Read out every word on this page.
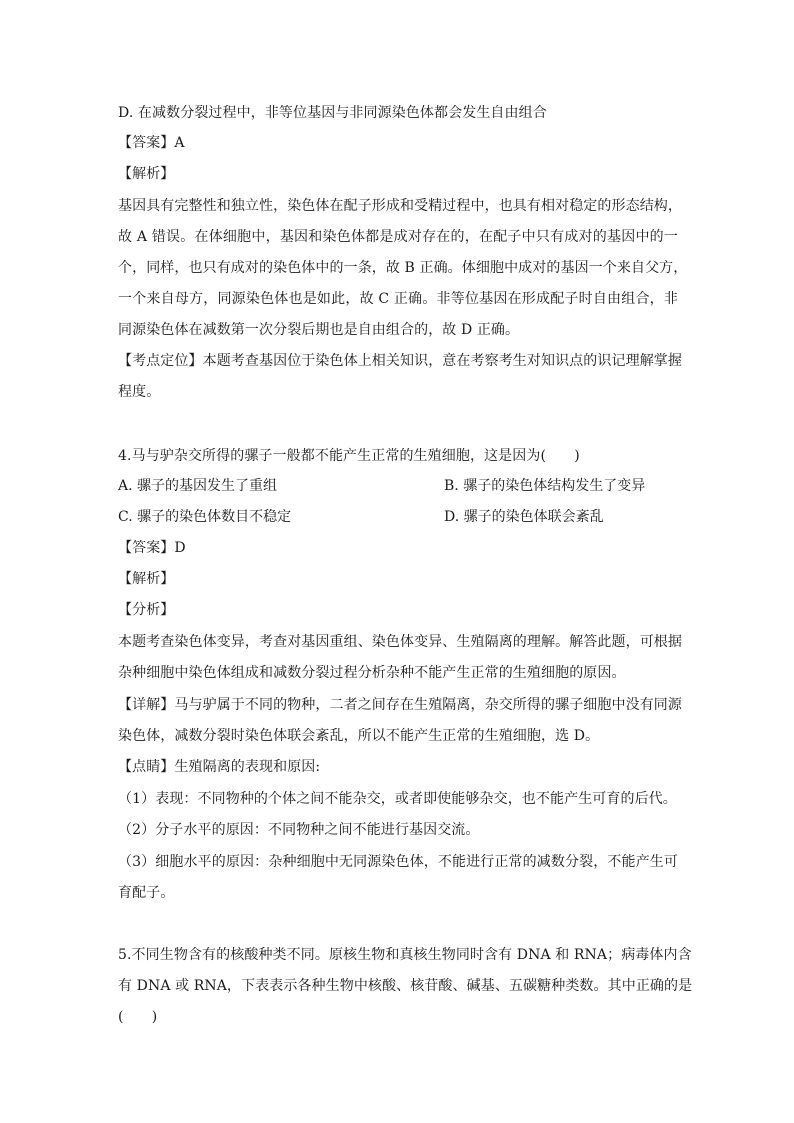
D. 在减数分裂过程中，非等位基因与非同源染色体都会发生自由组合
【答案】A
【解析】
基因具有完整性和独立性，染色体在配子形成和受精过程中，也具有相对稳定的形态结构，
故 A 错误。在体细胞中，基因和染色体都是成对存在的，在配子中只有成对的基因中的一
个，同样，也只有成对的染色体中的一条，故 B 正确。体细胞中成对的基因一个来自父方，
一个来自母方，同源染色体也是如此，故 C 正确。非等位基因在形成配子时自由组合，非
同源染色体在减数第一次分裂后期也是自由组合的，故 D 正确。
【考点定位】本题考查基因位于染色体上相关知识，意在考察考生对知识点的识记理解掌握
程度。
4.马与驴杂交所得的骡子一般都不能产生正常的生殖细胞，这是因为(　　)
A. 骡子的基因发生了重组	B. 骡子的染色体结构发生了变异
C. 骡子的染色体数目不稳定	D. 骡子的染色体联会紊乱
【答案】D
【解析】
【分析】
本题考查染色体变异，考查对基因重组、染色体变异、生殖隔离的理解。解答此题，可根据
杂种细胞中染色体组成和减数分裂过程分析杂种不能产生正常的生殖细胞的原因。
【详解】马与驴属于不同的物种，二者之间存在生殖隔离，杂交所得的骡子细胞中没有同源
染色体，减数分裂时染色体联会紊乱，所以不能产生正常的生殖细胞，选 D。
【点睛】生殖隔离的表现和原因:
（1）表现：不同物种的个体之间不能杂交，或者即使能够杂交，也不能产生可育的后代。
（2）分子水平的原因：不同物种之间不能进行基因交流。
（3）细胞水平的原因：杂种细胞中无同源染色体，不能进行正常的减数分裂，不能产生可
育配子。
5.不同生物含有的核酸种类不同。原核生物和真核生物同时含有 DNA 和 RNA；病毒体内含
有 DNA 或 RNA，下表表示各种生物中核酸、核苷酸、碱基、五碳糖种类数。其中正确的是
(　　)
